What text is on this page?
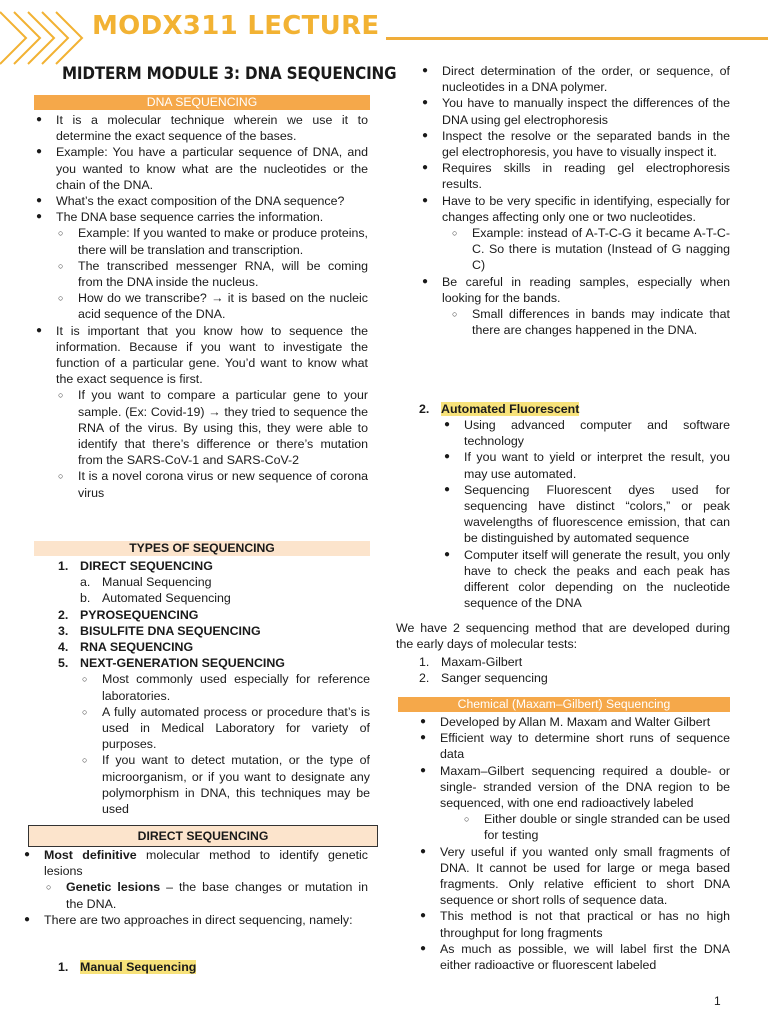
MODX311 LECTURE
MIDTERM MODULE 3: DNA SEQUENCING
DNA SEQUENCING
● It is a molecular technique wherein we use it to determine the exact sequence of the bases.
● Example: You have a particular sequence of DNA, and you wanted to know what are the nucleotides or the chain of the DNA.
● What’s the exact composition of the DNA sequence?
● The DNA base sequence carries the information.
○ Example: If you wanted to make or produce proteins, there will be translation and transcription.
○ The transcribed messenger RNA, will be coming from the DNA inside the nucleus.
○ How do we transcribe? → it is based on the nucleic acid sequence of the DNA.
● It is important that you know how to sequence the information. Because if you want to investigate the function of a particular gene. You’d want to know what the exact sequence is first.
○ If you want to compare a particular gene to your sample. (Ex: Covid-19) → they tried to sequence the RNA of the virus. By using this, they were able to identify that there’s difference or there’s mutation from the SARS-CoV-1 and SARS-CoV-2
○ It is a novel corona virus or new sequence of corona virus
TYPES OF SEQUENCING
1. DIRECT SEQUENCING
a. Manual Sequencing
b. Automated Sequencing
2. PYROSEQUENCING
3. BISULFITE DNA SEQUENCING
4. RNA SEQUENCING
5. NEXT-GENERATION SEQUENCING
○ Most commonly used especially for reference laboratories.
○ A fully automated process or procedure that’s is used in Medical Laboratory for variety of purposes.
○ If you want to detect mutation, or the type of microorganism, or if you want to designate any polymorphism in DNA, this techniques may be used
DIRECT SEQUENCING
● Most definitive molecular method to identify genetic lesions
○ Genetic lesions – the base changes or mutation in the DNA.
● There are two approaches in direct sequencing, namely:
1. Manual Sequencing
● Direct determination of the order, or sequence, of nucleotides in a DNA polymer.
● You have to manually inspect the differences of the DNA using gel electrophoresis
● Inspect the resolve or the separated bands in the gel electrophoresis, you have to visually inspect it.
● Requires skills in reading gel electrophoresis results.
● Have to be very specific in identifying, especially for changes affecting only one or two nucleotides.
○ Example: instead of A-T-C-G it became A-T-C-C. So there is mutation (Instead of G nagging C)
● Be careful in reading samples, especially when looking for the bands.
○ Small differences in bands may indicate that there are changes happened in the DNA.
2. Automated Fluorescent
● Using advanced computer and software technology
● If you want to yield or interpret the result, you may use automated.
● Sequencing Fluorescent dyes used for sequencing have distinct “colors,” or peak wavelengths of fluorescence emission, that can be distinguished by automated sequence
● Computer itself will generate the result, you only have to check the peaks and each peak has different color depending on the nucleotide sequence of the DNA
We have 2 sequencing method that are developed during the early days of molecular tests:
1. Maxam-Gilbert
2. Sanger sequencing
Chemical (Maxam–Gilbert) Sequencing
● Developed by Allan M. Maxam and Walter Gilbert
● Efficient way to determine short runs of sequence data
● Maxam–Gilbert sequencing required a double- or single- stranded version of the DNA region to be sequenced, with one end radioactively labeled
○ Either double or single stranded can be used for testing
● Very useful if you wanted only small fragments of DNA. It cannot be used for large or mega based fragments. Only relative efficient to short DNA sequence or short rolls of sequence data.
● This method is not that practical or has no high throughput for long fragments
● As much as possible, we will label first the DNA either radioactive or fluorescent labeled
1
